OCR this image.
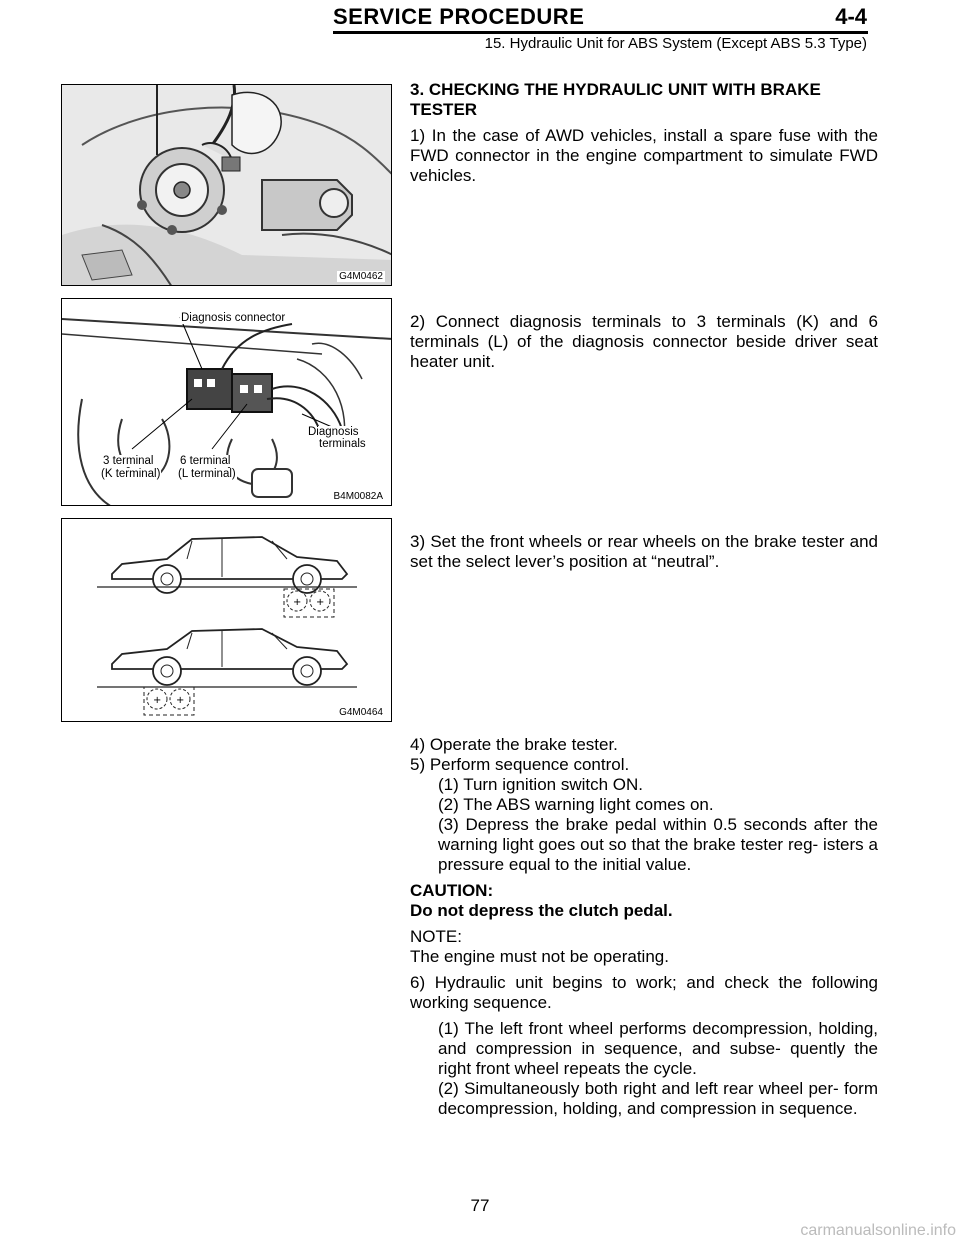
SERVICE PROCEDURE	4-4
15. Hydraulic Unit for ABS System (Except ABS 5.3 Type)
G4M0462
Diagnosis connector
Diagnosis
terminals
3 terminal
(K terminal)
6 terminal
(L terminal)
B4M0082A
+ +
+ +
G4M0464

3. CHECKING THE HYDRAULIC UNIT WITH BRAKE

TESTER

1) In the case of AWD vehicles, install a spare fuse with the FWD connector in the engine compartment to simulate FWD vehicles.

2) Connect diagnosis terminals to 3 terminals (K) and 6 terminals (L) of the diagnosis connector beside driver seat heater unit.
3) Set the front wheels or rear wheels on the brake tester and set the select lever’s position at “neutral”.

4) Operate the brake tester.

5) Perform sequence control.

(1) Turn ignition switch ON.

(2) The ABS warning light comes on.

(3) Depress the brake pedal within 0.5 seconds after the warning light goes out so that the brake tester reg- isters a pressure equal to the initial value.

CAUTION:

Do not depress the clutch pedal.

NOTE:

The engine must not be operating.

6) Hydraulic unit begins to work; and check the following working sequence.

(1) The left front wheel performs decompression, holding, and compression in sequence, and subse- quently the right front wheel repeats the cycle.

(2) Simultaneously both right and left rear wheel per- form decompression, holding, and compression in sequence.

77
carmanualsonline.info
